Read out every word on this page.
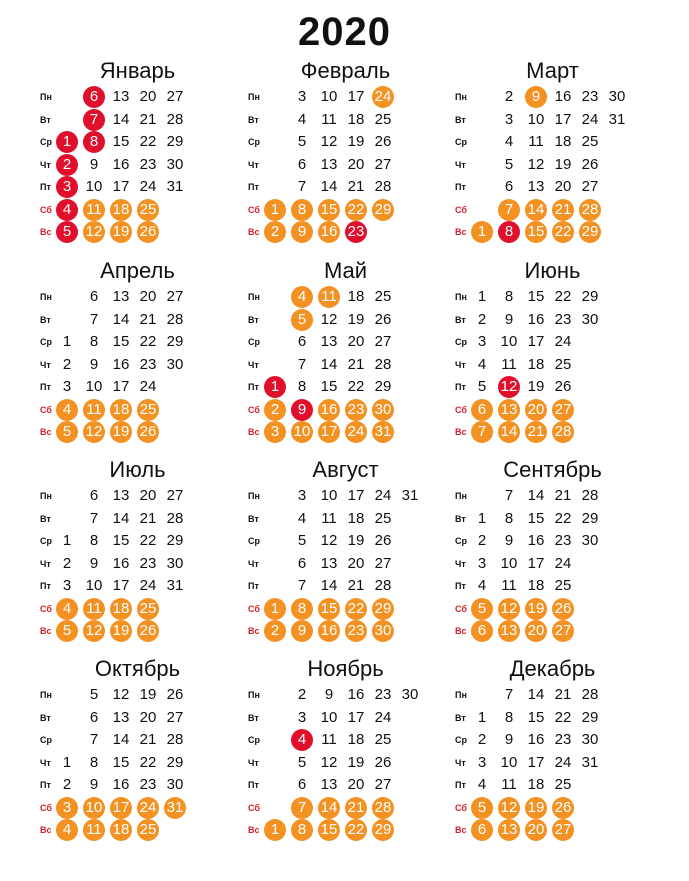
2020
Январь
Пн
Вт
Ср
Чт
Пт
Сб
Вс
1
2
3
4
5
6
7
8
9
10
11
12
13
14
15
16
17
18
19
20
21
22
23
24
25
26
27
28
29
30
31
Февраль
Пн
Вт
Ср
Чт
Пт
Сб
Вс
1
2
3
4
5
6
7
8
9
10
11
12
13
14
15
16
17
18
19
20
21
22
23
24
25
26
27
28
29
Март
Пн
Вт
Ср
Чт
Пт
Сб
Вс 1
2
3
4
5
6
7
8
9
10
11
12
13
14
15
16
17
18
19
20
21
22
23
24
25
26
27
28
29
30
31
Апрель
Пн
Вт
Ср
Чт
Пт
Сб
Вс
1
2
3
4
5
6
7
8
9
10
11
12
13
14
15
16
17
18
19
20
21
22
23
24
25
26
27
28
29
30
Май
Пн
Вт
Ср
Чт
Пт
Сб
Вс
1
2
3
4
5
6
7
8
9
10
11
12
13
14
15
16
17
18
19
20
21
22
23
24
25
26
27
28
29
30
31
Июнь
Пн
Вт
Ср
Чт
Пт
Сб
Вс
1
2
3
4
5
6
7
8
9
10
11
12
13
14
15
16
17
18
19
20
21
22
23
24
25
26
27
28
29
30
Июль
Пн
Вт
Ср
Чт
Пт
Сб
Вс
1
2
3
4
5
6
7
8
9
10
11
12
13
14
15
16
17
18
19
20
21
22
23
24
25
26
27
28
29
30
31
Август
Пн
Вт
Ср
Чт
Пт
Сб
Вс
1
2
3
4
5
6
7
8
9
10
11
12
13
14
15
16
17
18
19
20
21
22
23
24
25
26
27
28
29
30
31
Сентябрь
Пн
Вт
Ср
Чт
Пт
Сб
Вс
1
2
3
4
5
6
7
8
9
10
11
12
13
14
15
16
17
18
19
20
21
22
23
24
25
26
27
28
29
30
Октябрь
Пн
Вт
Ср
Чт
Пт
Сб
Вс
1
2
3
4
5
6
7
8
9
10
11
12
13
14
15
16
17
18
19
20
21
22
23
24
25
26
27
28
29
30
31
Ноябрь
Пн
Вт
Ср
Чт
Пт
Сб
Вс 1
2
3
4
5
6
7
8
9
10
11
12
13
14
15
16
17
18
19
20
21
22
23
24
25
26
27
28
29
30
Декабрь
Пн
Вт
Ср
Чт
Пт
Сб
Вс
1
2
3
4
5
6
7
8
9
10
11
12
13
14
15
16
17
18
19
20
21
22
23
24
25
26
27
28
29
30
31
